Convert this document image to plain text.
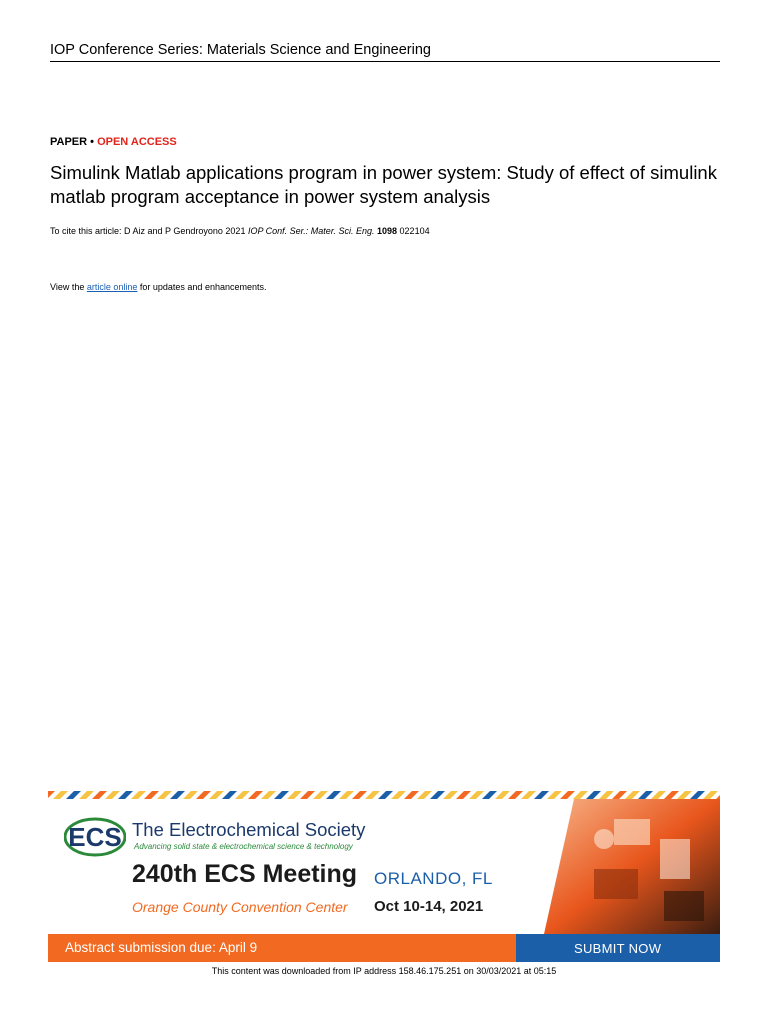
IOP Conference Series: Materials Science and Engineering
PAPER • OPEN ACCESS
Simulink Matlab applications program in power system: Study of effect of simulink matlab program acceptance in power system analysis
To cite this article: D Aiz and P Gendroyono 2021 IOP Conf. Ser.: Mater. Sci. Eng. 1098 022104
View the article online for updates and enhancements.
ECS The Electrochemical Society
Advancing solid state & electrochemical science & technology
240th ECS Meeting ORLANDO, FL
Orange County Convention Center Oct 10-14, 2021
Abstract submission due: April 9	SUBMIT NOW
This content was downloaded from IP address 158.46.175.251 on 30/03/2021 at 05:15
